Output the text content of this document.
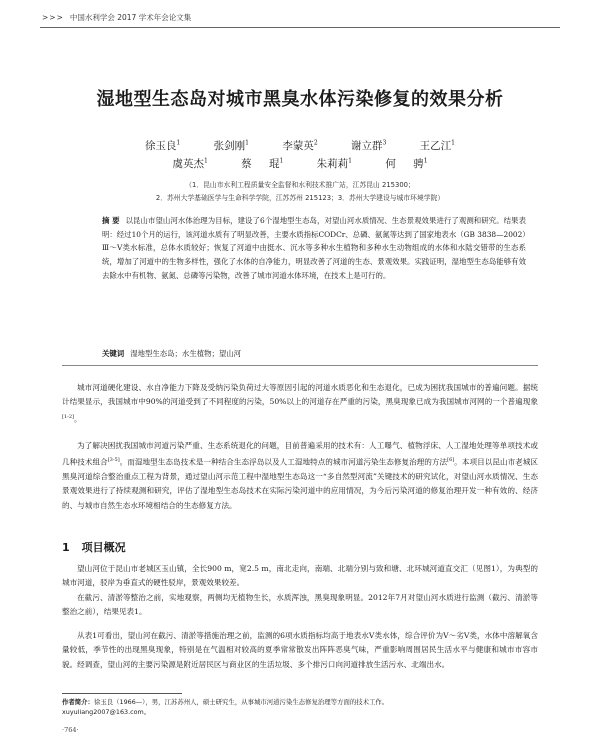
>>> 中国水利学会 2017 学术年会论文集
湿地型生态岛对城市黑臭水体污染修复的效果分析
徐玉良$^1$	张剑刚$^1$	李蒙英$^2$	谢立群$^3$	王乙江$^1$
虞英杰$^1$	蔡 琨$^1$	朱莉莉$^1$	何 骋$^1$
（1．昆山市水利工程质量安全监督和水利技术推广站，江苏昆山 215300；
2．苏州大学基础医学与生命科学学院，江苏苏州 215123；3．苏州大学建设与城市环境学院）
摘 要 以昆山市望山河水体治理为目标，建设了6个湿地型生态岛，对望山河水质情况、生态景观效果进行了观测和研究。结果表明：经过10个月的运行，该河道水质有了明显改善，主要水质指标CODCr、总磷、氨氮等达到了国家地表水（GB 3838—2002）Ⅲ～Ⅴ类水标准，总体水质较好；恢复了河道中由挺水、沉水等多种水生植物和多种水生动物组成的水体和水陆交错带的生态系统，增加了河道中的生物多样性，强化了水体的自净能力，明显改善了河道的生态、景观效果。实践证明，湿地型生态岛能够有效去除水中有机物、氨氮、总磷等污染物，改善了城市河道水体环境，在技术上是可行的。
关键词 湿地型生态岛；水生植物；望山河
城市河道硬化建设、水自净能力下降及受纳污染负荷过大等原因引起的河道水质恶化和生态退化，已成为困扰我国城市的普遍问题。据统计结果显示，我国城市中90%的河道受到了不同程度的污染，50%以上的河道存在严重的污染，黑臭现象已成为我国城市河网的一个普遍现象[1-2]。
为了解决困扰我国城市河道污染严重、生态系统退化的问题，目前普遍采用的技术有：人工曝气、植物浮床、人工湿地处理等单项技术或几种技术组合[3-5]。而湿地型生态岛技术是一种结合生态浮岛以及人工湿地特点的城市河道污染生态修复治理的方法[6]。本项目以昆山市老城区黑臭河道综合整治重点工程为背景，通过望山河示范工程中湿地型生态岛这一“多自然型河流”关键技术的研究试化，对望山河水质情况、生态景观效果进行了持续观测和研究，评估了湿地型生态岛技术在实际污染河道中的应用情况，为今后污染河道的修复治理开发一种有效的、经济的、与城市自然生态水环境相结合的生态修复方法。
1 项目概况
望山河位于昆山市老城区玉山镇，全长900 m，宽2.5 m，南北走向，南端、北端分别与致和塘、北环城河道直交汇（见图1），为典型的城市河道，驳岸为垂直式的硬性驳岸，景观效果较差。
在截污、清淤等整治之前，实地观察，两侧均无植物生长，水质浑浊，黑臭现象明显。2012年7月对望山河水质进行监测（截污、清淤等整治之前），结果见表1。
从表1可看出，望山河在截污、清淤等措施治理之前，监测的6项水质指标均高于地表水Ⅴ类水体，综合评价为Ⅴ～劣Ⅴ类，水体中溶解氧含量较低，季节性的出现黑臭现象，特别是在气温相对较高的夏季常常散发出阵阵恶臭气味，严重影响周围居民生活水平与健康和城市市容市貌。经调查，望山河的主要污染源是附近居民区与商业区的生活垃圾、多个排污口向河道排放生活污水、北端出水。
作者简介：徐玉良（1966—），男，江苏苏州人，硕士研究生，从事城市河道污染生态修复治理等方面的技术工作。
xuyuliang2007@163.com。
·764·
